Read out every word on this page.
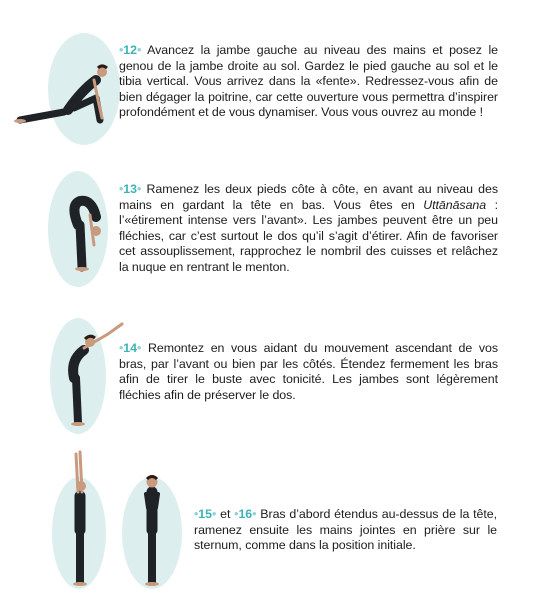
•12• Avancez la jambe gauche au niveau des mains et posez le genou de la jambe droite au sol. Gardez le pied gauche au sol et le tibia vertical. Vous arrivez dans la «fente». Redressez-vous afin de bien dégager la poitrine, car cette ouverture vous permettra d’inspirer profondément et de vous dynamiser. Vous vous ouvrez au monde !
•13• Ramenez les deux pieds côte à côte, en avant au niveau des mains en gardant la tête en bas. Vous êtes en Uttānāsana : l’«étirement intense vers l’avant». Les jambes peuvent être un peu fléchies, car c’est surtout le dos qu’il s’agit d’étirer. Afin de favoriser cet assouplissement, rapprochez le nombril des cuisses et relâchez la nuque en rentrant le menton.
•14• Remontez en vous aidant du mouvement ascendant de vos bras, par l’avant ou bien par les côtés. Étendez fermement les bras afin de tirer le buste avec tonicité. Les jambes sont légèrement fléchies afin de préserver le dos.
•15• et •16• Bras d’abord étendus au-dessus de la tête, ramenez ensuite les mains jointes en prière sur le sternum, comme dans la position initiale.
